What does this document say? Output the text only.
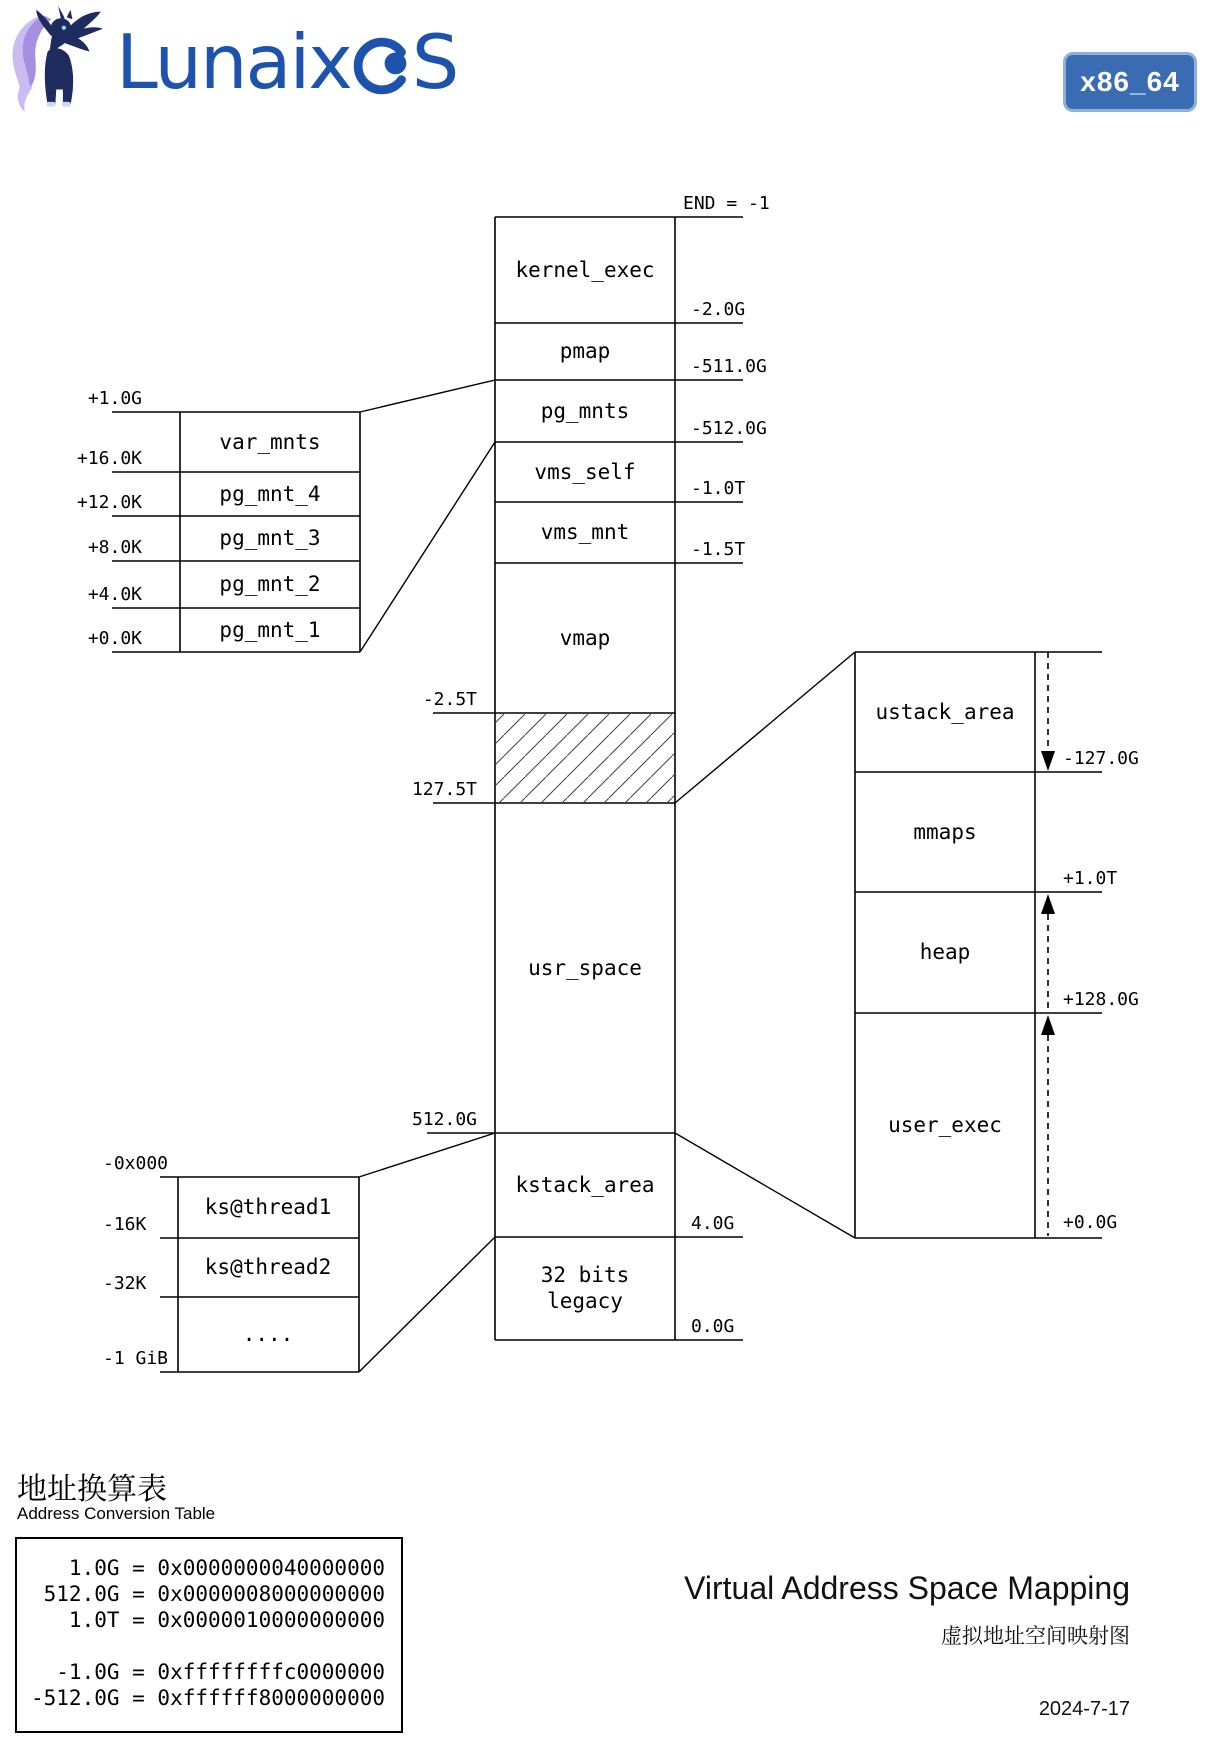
Lunaix S	x86_64
END = -1
kernel_exec
pmap
pg_mnts
vms_self
vms_mnt
vmap
usr_space
kstack_area
32 bits legacy
-2.0G
-511.0G
-512.0G
-1.0T
-1.5T
4.0G
0.0G
-2.5T
127.5T
512.0G
+1.0G
+16.0K
+12.0K
+8.0K
+4.0K
+0.0K
var_mnts
pg_mnt_4
pg_mnt_3
pg_mnt_2
pg_mnt_1
-0x000
-16K
-32K
-1 GiB
ks@thread1
ks@thread2
....
ustack_area
mmaps
heap
user_exec
-127.0G
+1.0T
+128.0G
+0.0G
地址换算表
Address Conversion Table
1.0G = 0x0000000040000000
512.0G = 0x0000008000000000
1.0T = 0x0000010000000000
-1.0G = 0xffffffffc0000000
-512.0G = 0xffffff8000000000
Virtual Address Space Mapping
虚拟地址空间映射图
2024-7-17
